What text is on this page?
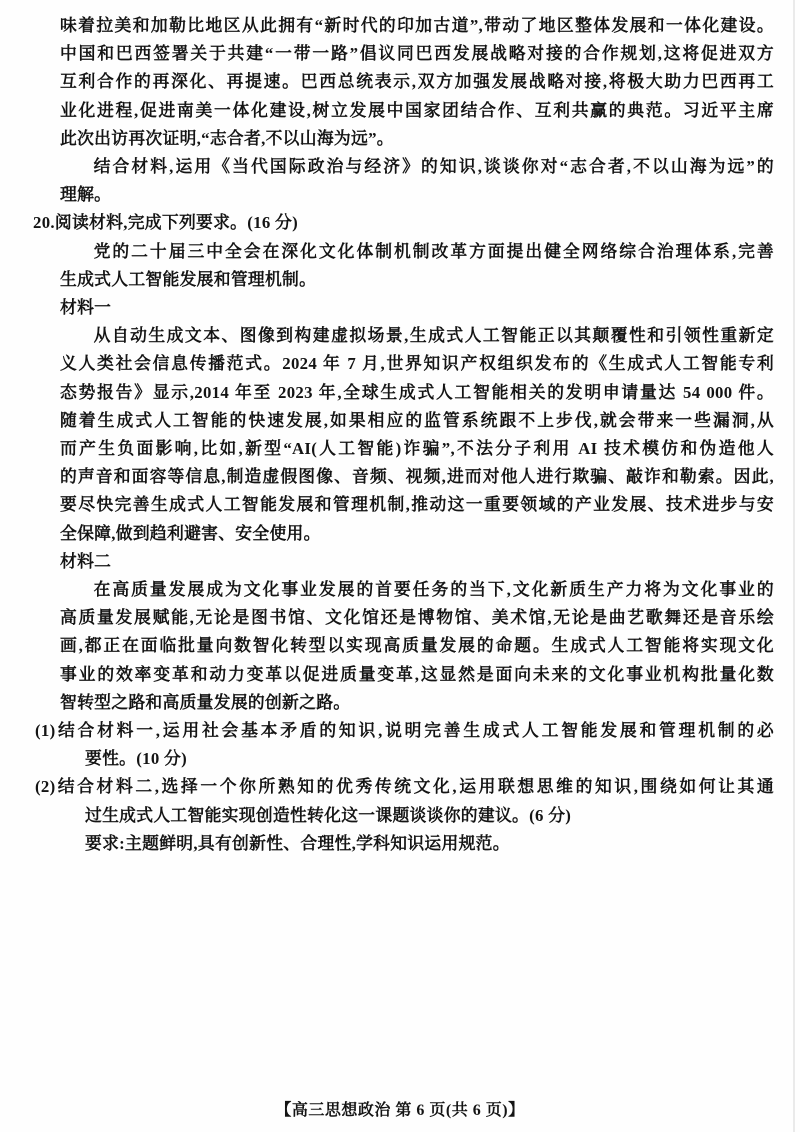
味着拉美和加勒比地区从此拥有“新时代的印加古道”,带动了地区整体发展和一体化建设。
中国和巴西签署关于共建“一带一路”倡议同巴西发展战略对接的合作规划,这将促进双方
互利合作的再深化、再提速。巴西总统表示,双方加强发展战略对接,将极大助力巴西再工
业化进程,促进南美一体化建设,树立发展中国家团结合作、互利共赢的典范。习近平主席
此次出访再次证明,“志合者,不以山海为远”。
结合材料,运用《当代国际政治与经济》的知识,谈谈你对“志合者,不以山海为远”的
理解。
20.阅读材料,完成下列要求。(16 分)
党的二十届三中全会在深化文化体制机制改革方面提出健全网络综合治理体系,完善
生成式人工智能发展和管理机制。
材料一
从自动生成文本、图像到构建虚拟场景,生成式人工智能正以其颠覆性和引领性重新定
义人类社会信息传播范式。2024 年 7 月,世界知识产权组织发布的《生成式人工智能专利
态势报告》显示,2014 年至 2023 年,全球生成式人工智能相关的发明申请量达 54 000 件。
随着生成式人工智能的快速发展,如果相应的监管系统跟不上步伐,就会带来一些漏洞,从
而产生负面影响,比如,新型“AI(人工智能)诈骗”,不法分子利用 AI 技术模仿和伪造他人
的声音和面容等信息,制造虚假图像、音频、视频,进而对他人进行欺骗、敲诈和勒索。因此,
要尽快完善生成式人工智能发展和管理机制,推动这一重要领域的产业发展、技术进步与安
全保障,做到趋利避害、安全使用。
材料二
在高质量发展成为文化事业发展的首要任务的当下,文化新质生产力将为文化事业的
高质量发展赋能,无论是图书馆、文化馆还是博物馆、美术馆,无论是曲艺歌舞还是音乐绘
画,都正在面临批量向数智化转型以实现高质量发展的命题。生成式人工智能将实现文化
事业的效率变革和动力变革以促进质量变革,这显然是面向未来的文化事业机构批量化数
智转型之路和高质量发展的创新之路。
(1)结合材料一,运用社会基本矛盾的知识,说明完善生成式人工智能发展和管理机制的必
要性。(10 分)
(2)结合材料二,选择一个你所熟知的优秀传统文化,运用联想思维的知识,围绕如何让其通
过生成式人工智能实现创造性转化这一课题谈谈你的建议。(6 分)
要求:主题鲜明,具有创新性、合理性,学科知识运用规范。
【高三思想政治 第 6 页(共 6 页)】
